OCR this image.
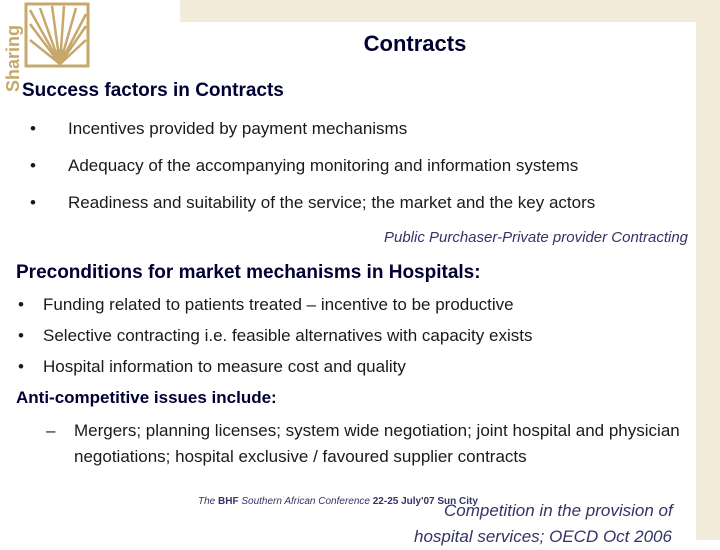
Sharing	Contracts
Success factors in Contracts
• Incentives provided by payment mechanisms
• Adequacy of the accompanying monitoring and information systems
• Readiness and suitability of the service; the market and the key actors
Public Purchaser-Private provider Contracting
Preconditions for market mechanisms in Hospitals:
• Funding related to patients treated – incentive to be productive
• Selective contracting i.e. feasible alternatives with capacity exists
• Hospital information to measure cost and quality
Anti-competitive issues include:
–	Mergers; planning licenses; system wide negotiation; joint hospital and physician negotiations; hospital exclusive / favoured supplier contracts
The BHF Southern African Conference 22-25 July'07 Sun City
Competition in the provision of
hospital services; OECD Oct 2006
